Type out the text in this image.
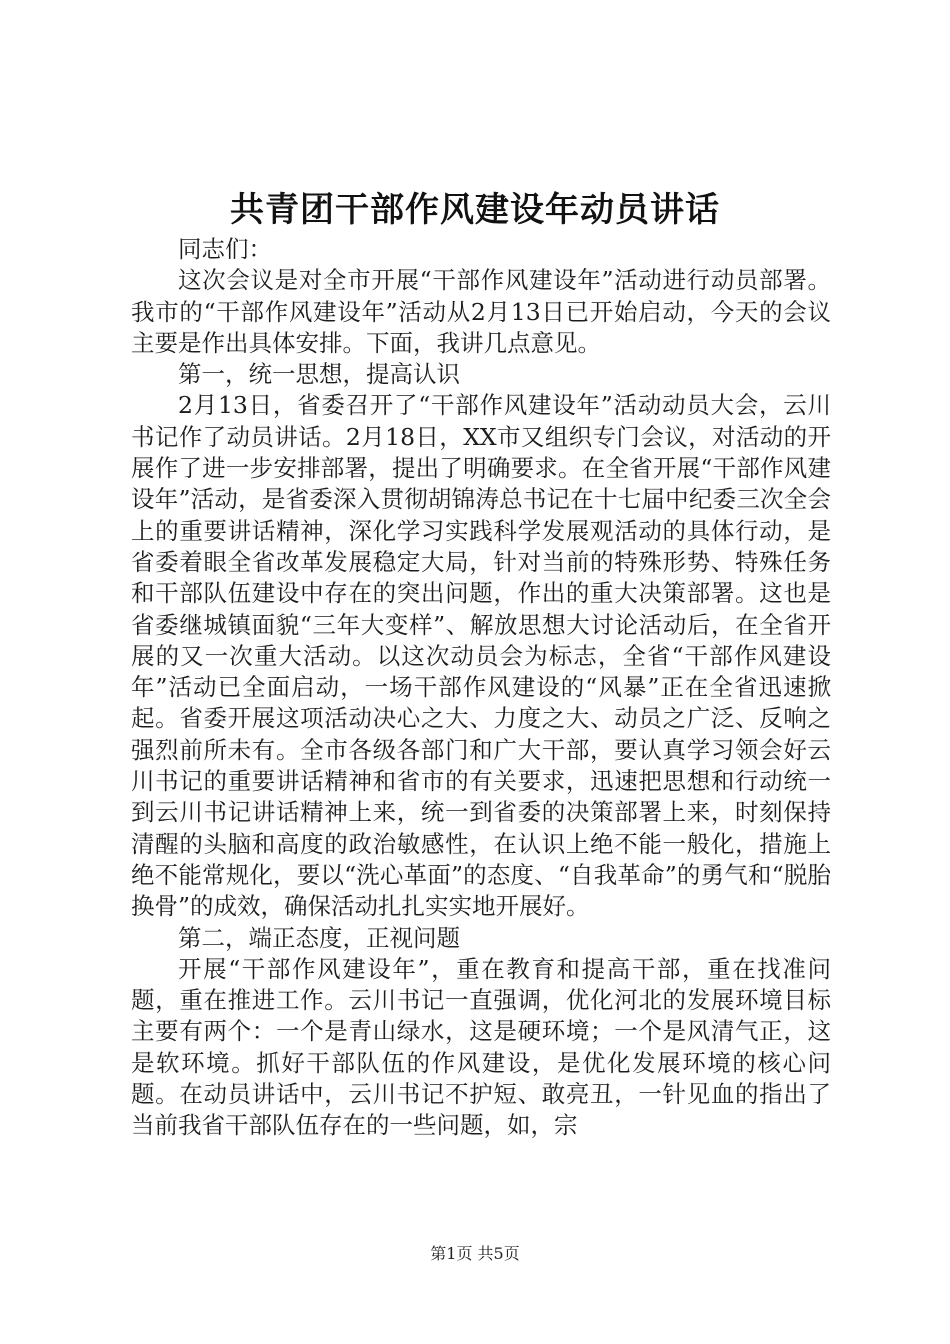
共青团干部作风建设年动员讲话

同志们：

这次会议是对全市开展“干部作风建设年”活动进行动员部署。我市的“干部作风建设年”活动从2月13日已开始启动，今天的会议主要是作出具体安排。下面，我讲几点意见。

第一，统一思想，提高认识

2月13日，省委召开了“干部作风建设年”活动动员大会，云川书记作了动员讲话。2月18日，XX市又组织专门会议，对活动的开展作了进一步安排部署，提出了明确要求。在全省开展“干部作风建设年”活动，是省委深入贯彻胡锦涛总书记在十七届中纪委三次全会上的重要讲话精神，深化学习实践科学发展观活动的具体行动，是省委着眼全省改革发展稳定大局，针对当前的特殊形势、特殊任务和干部队伍建设中存在的突出问题，作出的重大决策部署。这也是省委继城镇面貌“三年大变样”、解放思想大讨论活动后，在全省开展的又一次重大活动。以这次动员会为标志，全省“干部作风建设年”活动已全面启动，一场干部作风建设的“风暴”正在全省迅速掀起。省委开展这项活动决心之大、力度之大、动员之广泛、反响之强烈前所未有。全市各级各部门和广大干部，要认真学习领会好云川书记的重要讲话精神和省市的有关要求，迅速把思想和行动统一到云川书记讲话精神上来，统一到省委的决策部署上来，时刻保持清醒的头脑和高度的政治敏感性，在认识上绝不能一般化，措施上绝不能常规化，要以“洗心革面”的态度、“自我革命”的勇气和“脱胎换骨”的成效，确保活动扎扎实实地开展好。

第二，端正态度，正视问题

开展“干部作风建设年”，重在教育和提高干部，重在找准问题，重在推进工作。云川书记一直强调，优化河北的发展环境目标主要有两个：一个是青山绿水，这是硬环境；一个是风清气正，这是软环境。抓好干部队伍的作风建设，是优化发展环境的核心问题。在动员讲话中，云川书记不护短、敢亮丑，一针见血的指出了当前我省干部队伍存在的一些问题，如，宗

第1页 共5页
